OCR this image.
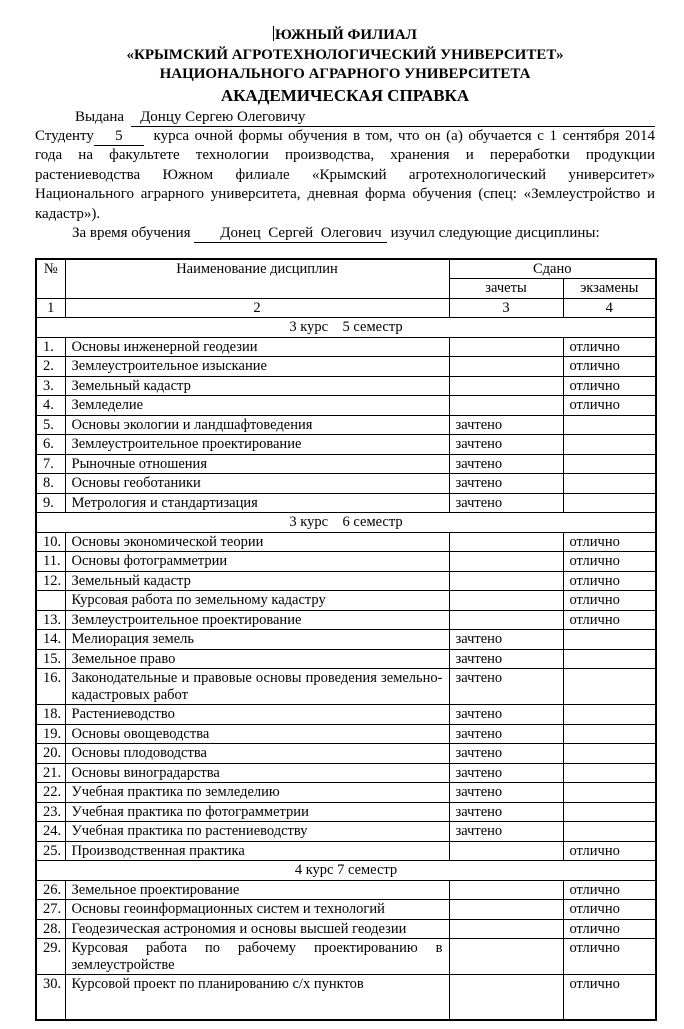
ЮЖНЫЙ ФИЛИАЛ
«КРЫМСКИЙ АГРОТЕХНОЛОГИЧЕСКИЙ УНИВЕРСИТЕТ»
НАЦИОНАЛЬНОГО АГРАРНОГО УНИВЕРСИТЕТА
АКАДЕМИЧЕСКАЯ СПРАВКА
Выдана	Донцу Сергею Олеговичу

Студенту 5 курса очной формы обучения в том, что он (а) обучается с 1 сентября 2014 года на факультете технологии производства, хранения и переработки продукции растениеводства Южном филиале «Крымский агротехнологический университет» Национального аграрного университета, дневная форма обучения (спец: «Землеустройство и кадастр»).

За время обучения Донец  Сергей  Олегович изучил следующие дисциплины:

№	Наименование дисциплин	Сдано	
		зачеты	экзамены
1	2	3	4
3 курс    5 семестр			
1.	Основы инженерной геодезии		отлично
2.	Землеустроительное изыскание		отлично
3.	Земельный кадастр		отлично
4.	Земледелие		отлично
5.	Основы экологии и ландшафтоведения	зачтено	
6.	Землеустроительное проектирование	зачтено	
7.	Рыночные отношения	зачтено	
8.	Основы геоботаники	зачтено	
9.	Метрология и стандартизация	зачтено	
3 курс    6 семестр			
10.	Основы экономической теории		отлично
11.	Основы фотограмметрии		отлично
12.	Земельный кадастр		отлично
	Курсовая работа по земельному кадастру		отлично
13.	Землеустроительное проектирование		отлично
14.	Мелиорация земель	зачтено	
15.	Земельное право	зачтено	
16.	Законодательные и правовые основы проведения земельно-кадастровых работ	зачтено	
18.	Растениеводство	зачтено	
19.	Основы овощеводства	зачтено	
20.	Основы плодоводства	зачтено	
21.	Основы виноградарства	зачтено	
22.	Учебная практика по земледелию	зачтено	
23.	Учебная практика по фотограмметрии	зачтено	
24.	Учебная практика по растениеводству	зачтено	
25.	Производственная практика		отлично
4 курс 7 семестр			
26.	Земельное проектирование		отлично
27.	Основы геоинформационных систем и технологий		отлично
28.	Геодезическая астрономия и основы высшей геодезии		отлично
29.	Курсовая работа по рабочему проектированию в землеустройстве		отлично
30.	Курсовой проект по планированию с/х пунктов		отлично
